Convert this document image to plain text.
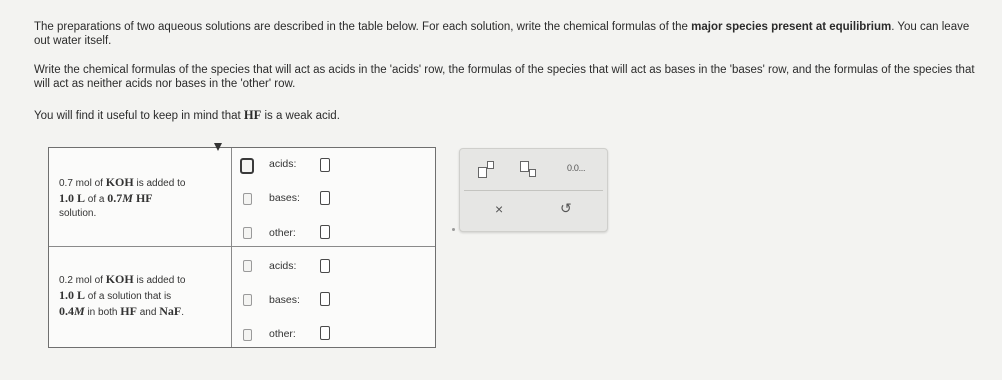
The preparations of two aqueous solutions are described in the table below. For each solution, write the chemical formulas of the major species present at equilibrium. You can leave out water itself.

Write the chemical formulas of the species that will act as acids in the 'acids' row, the formulas of the species that will act as bases in the 'bases' row, and the formulas of the species that will act as neither acids nor bases in the 'other' row.

You will find it useful to keep in mind that HF is a weak acid.

0.7 mol of KOH is added to
1.0 L of a 0.7M HF
solution.
0.2 mol of KOH is added to
1.0 L of a solution that is
0.4M in both HF and NaF.
acids:
bases:
other:
acids:
bases:
other:
0.0...
×	↺
